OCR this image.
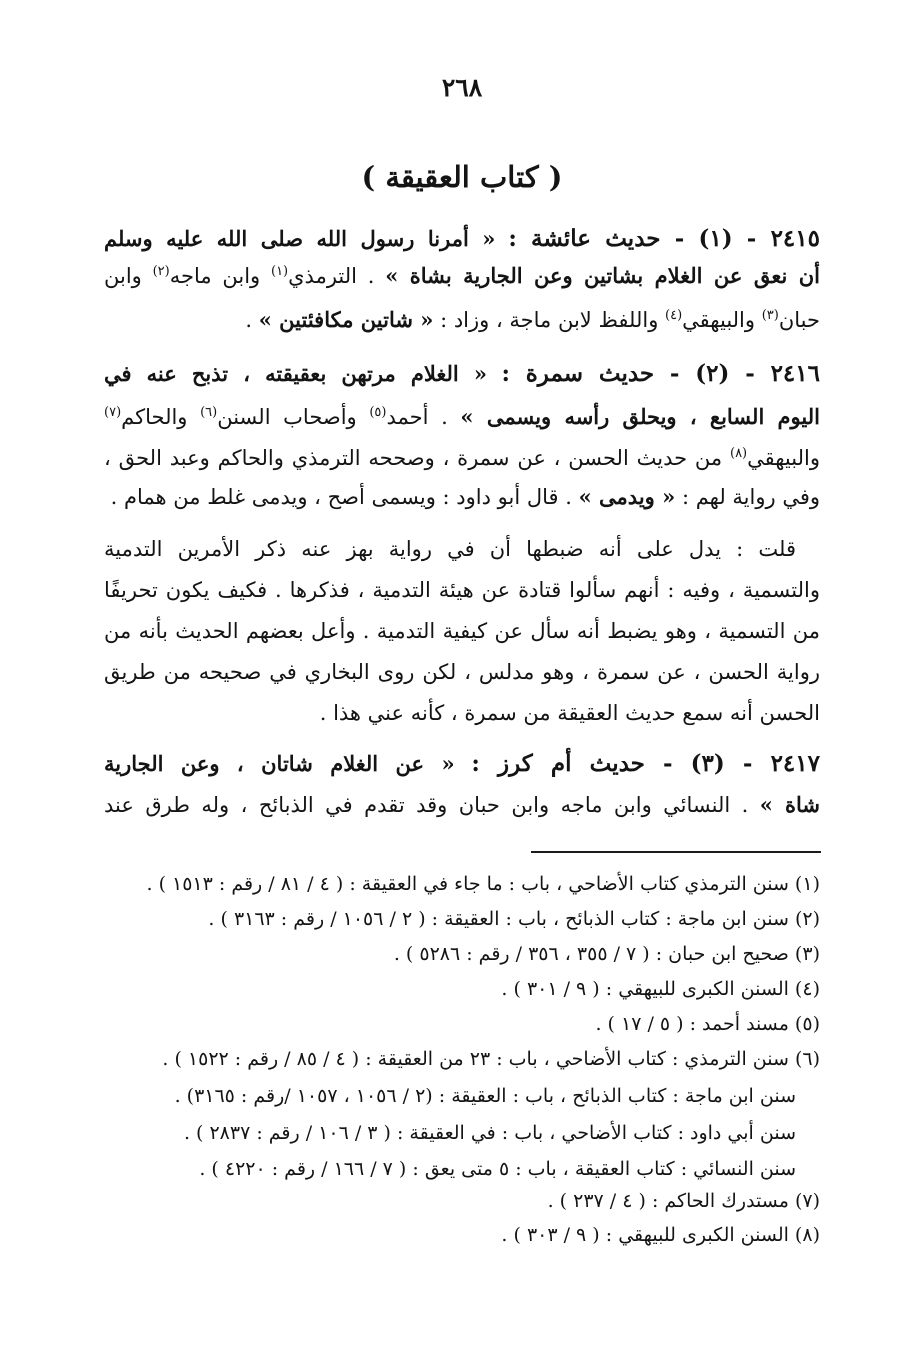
٢٦٨
( كتاب العقيقة )

٢٤١٥ - (١) - حديث عائشة : « أمرنا رسول الله صلى الله عليه وسلم

أن نعق عن الغلام بشاتين وعن الجارية بشاة » . الترمذي$^{(١)}$ وابن ماجه$^{(٢)}$ وابن

حبان$^{(٣)}$ والبيهقي$^{(٤)}$ واللفظ لابن ماجة ، وزاد : « شاتين مكافئتين » .

٢٤١٦ - (٢) - حديث سمرة : « الغلام مرتهن بعقيقته ، تذبح عنه في

اليوم السابع ، ويحلق رأسه ويسمى » . أحمد$^{(٥)}$ وأصحاب السنن$^{(٦)}$ والحاكم$^{(٧)}$

والبيهقي$^{(٨)}$ من حديث الحسن ، عن سمرة ، وصححه الترمذي والحاكم وعبد الحق ،

وفي رواية لهم : « ويدمى » . قال أبو داود : ويسمى أصح ، ويدمى غلط من همام .

قلت : يدل على أنه ضبطها أن في رواية بهز عنه ذكر الأمرين التدمية

والتسمية ، وفيه : أنهم سألوا قتادة عن هيئة التدمية ، فذكرها . فكيف يكون تحريفًا

من التسمية ، وهو يضبط أنه سأل عن كيفية التدمية . وأعل بعضهم الحديث بأنه من

رواية الحسن ، عن سمرة ، وهو مدلس ، لكن روى البخاري في صحيحه من طريق

الحسن أنه سمع حديث العقيقة من سمرة ، كأنه عني هذا .

٢٤١٧ - (٣) - حديث أم كرز : « عن الغلام شاتان ، وعن الجارية

شاة » . النسائي وابن ماجه وابن حبان وقد تقدم في الذبائح ، وله طرق عند

(١) سنن الترمذي كتاب الأضاحي ، باب : ما جاء في العقيقة : ( ٤ / ٨١ / رقم : ١٥١٣ ) .

(٢) سنن ابن ماجة : كتاب الذبائح ، باب : العقيقة : ( ٢ / ١٠٥٦ / رقم : ٣١٦٣ ) .

(٣) صحيح ابن حبان : ( ٧ / ٣٥٥ ، ٣٥٦ / رقم : ٥٢٨٦ ) .

(٤) السنن الكبرى للبيهقي : ( ٩ / ٣٠١ ) .

(٥) مسند أحمد : ( ٥ / ١٧ ) .

(٦) سنن الترمذي : كتاب الأضاحي ، باب : ٢٣ من العقيقة : ( ٤ / ٨٥ / رقم : ١٥٢٢ ) .

سنن ابن ماجة : كتاب الذبائح ، باب : العقيقة : (٢ / ١٠٥٦ ، ١٠٥٧ /رقم : ٣١٦٥) .

سنن أبي داود : كتاب الأضاحي ، باب : في العقيقة : ( ٣ / ١٠٦ / رقم : ٢٨٣٧ ) .

سنن النسائي : كتاب العقيقة ، باب : ٥ متى يعق : ( ٧ / ١٦٦ / رقم : ٤٢٢٠ ) .

(٧) مستدرك الحاكم : ( ٤ / ٢٣٧ ) .

(٨) السنن الكبرى للبيهقي : ( ٩ / ٣٠٣ ) .
